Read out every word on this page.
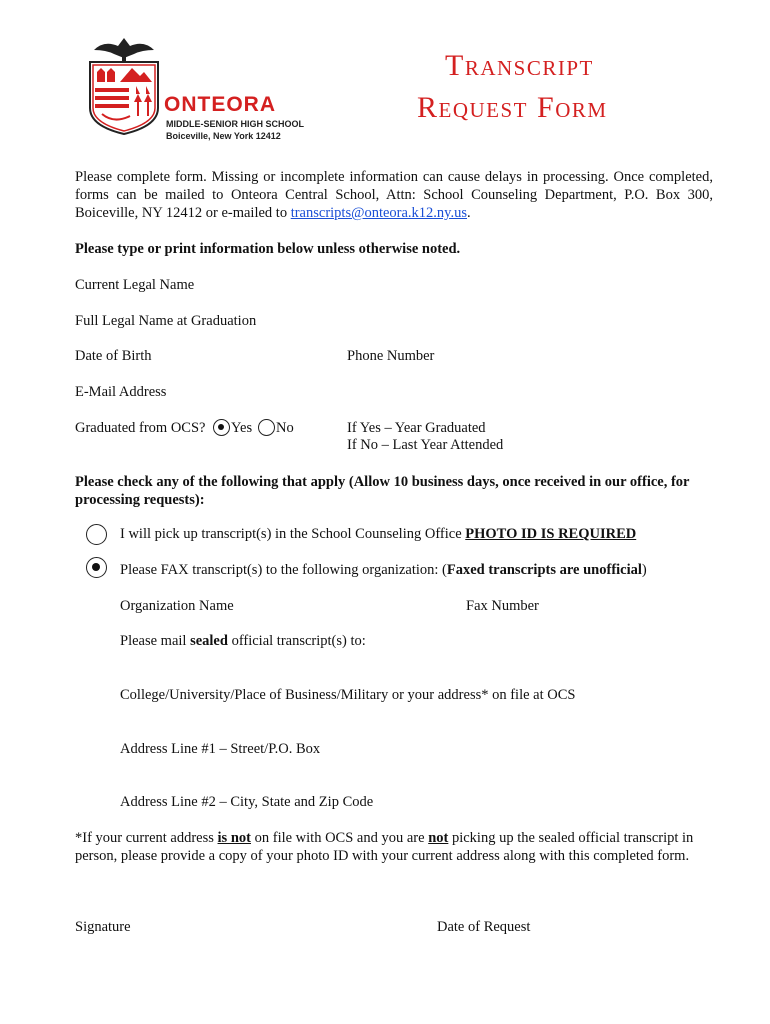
ONTEORA
MIDDLE-SENIOR HIGH SCHOOL
Boiceville, New York 12412
Transcript
Request Form
Please complete form. Missing or incomplete information can cause delays in processing. Once completed, forms can be mailed to Onteora Central School, Attn: School Counseling Department, P.O. Box 300, Boiceville, NY 12412 or e-mailed to transcripts@onteora.k12.ny.us.
Please type or print information below unless otherwise noted.
Current Legal Name
Full Legal Name at Graduation
Date of Birth	Phone Number
E-Mail Address
Graduated from OCS? Yes No	If Yes – Year Graduated
If No – Last Year Attended
Please check any of the following that apply (Allow 10 business days, once received in our office, for processing requests):
I will pick up transcript(s) in the School Counseling Office PHOTO ID IS REQUIRED
Please FAX transcript(s) to the following organization: (Faxed transcripts are unofficial)
Organization Name	Fax Number
Please mail sealed official transcript(s) to:
College/University/Place of Business/Military or your address* on file at OCS
Address Line #1 – Street/P.O. Box
Address Line #2 – City, State and Zip Code
*If your current address is not on file with OCS and you are not picking up the sealed official transcript in person, please provide a copy of your photo ID with your current address along with this completed form.
Signature	Date of Request
